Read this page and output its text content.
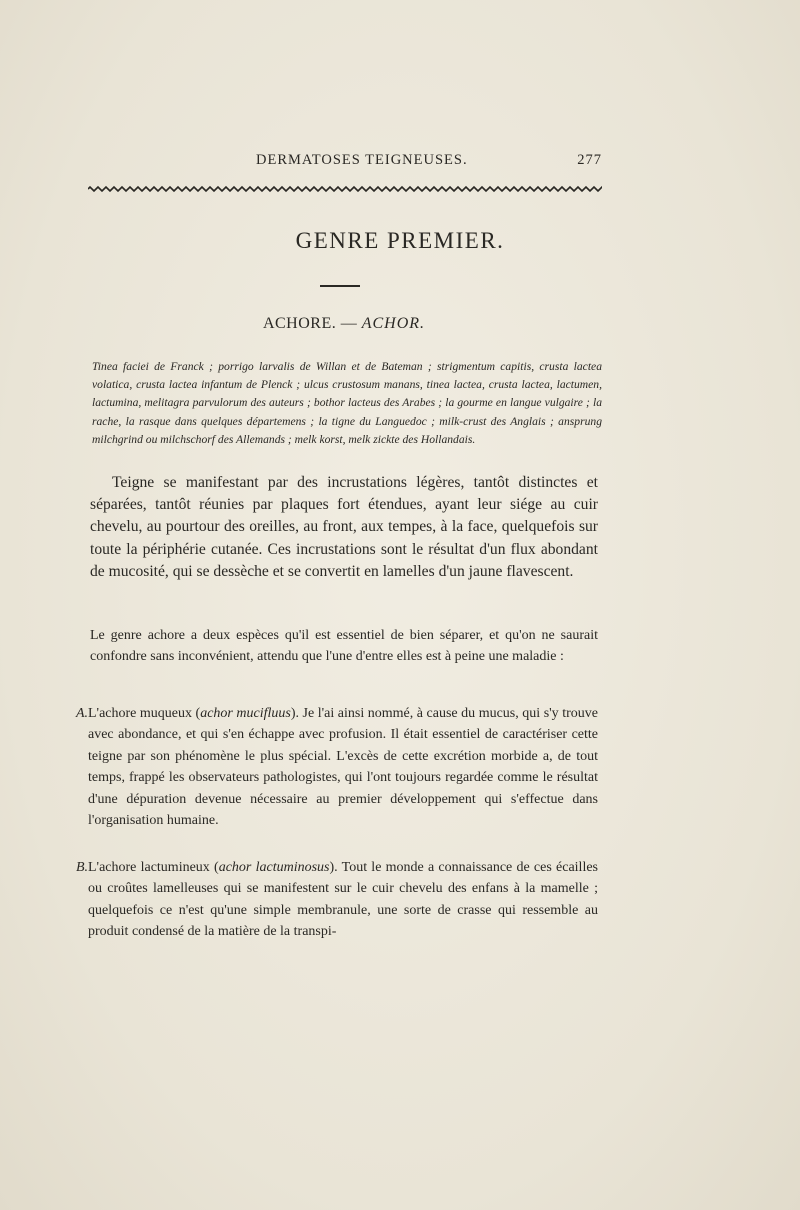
DERMATOSES TEIGNEUSES.	277
GENRE PREMIER.
ACHORE. — ACHOR.
Tinea faciei de Franck ; porrigo larvalis de Willan et de Bateman ; strigmentum capitis, crusta lactea volatica, crusta lactea infantum de Plenck ; ulcus crustosum manans, tinea lactea, crusta lactea, lactumen, lactumina, melitagra parvulorum des auteurs ; bothor lacteus des Arabes ; la gourme en langue vulgaire ; la rache, la rasque dans quelques départemens ; la tigne du Languedoc ; milk-crust des Anglais ; ansprung milchgrind ou milchschorf des Allemands ; melk korst, melk zickte des Hollandais.
Teigne se manifestant par des incrustations légères, tantôt distinctes et séparées, tantôt réunies par plaques fort étendues, ayant leur siége au cuir chevelu, au pourtour des oreilles, au front, aux tempes, à la face, quelquefois sur toute la périphérie cutanée. Ces incrustations sont le résultat d'un flux abondant de mucosité, qui se dessèche et se convertit en lamelles d'un jaune flavescent.
Le genre achore a deux espèces qu'il est essentiel de bien séparer, et qu'on ne saurait confondre sans inconvénient, attendu que l'une d'entre elles est à peine une maladie :
A. L'achore muqueux (achor mucifluus). Je l'ai ainsi nommé, à cause du mucus, qui s'y trouve avec abondance, et qui s'en échappe avec profusion. Il était essentiel de caractériser cette teigne par son phénomène le plus spécial. L'excès de cette excrétion morbide a, de tout temps, frappé les observateurs pathologistes, qui l'ont toujours regardée comme le résultat d'une dépuration devenue nécessaire au premier développement qui s'effectue dans l'organisation humaine.
B. L'achore lactumineux (achor lactuminosus). Tout le monde a connaissance de ces écailles ou croûtes lamelleuses qui se manifestent sur le cuir chevelu des enfans à la mamelle ; quelquefois ce n'est qu'une simple membranule, une sorte de crasse qui ressemble au produit condensé de la matière de la transpi-
